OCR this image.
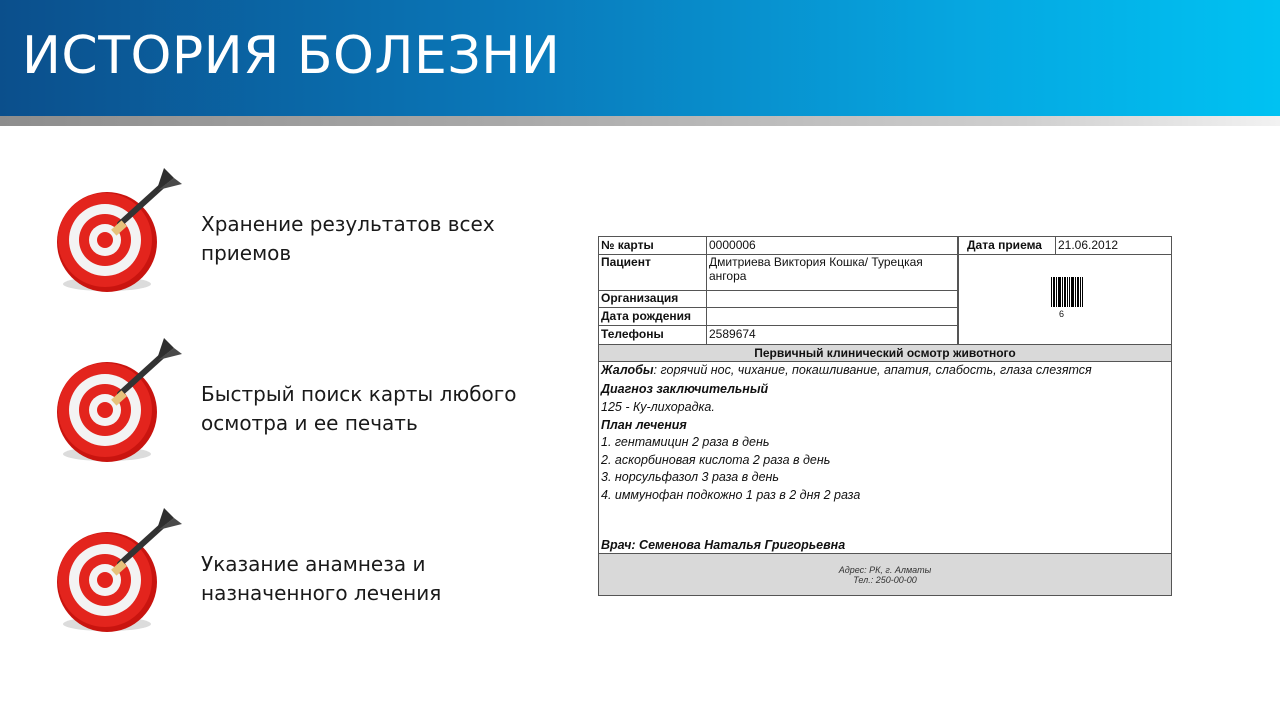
ИСТОРИЯ БОЛЕЗНИ
Хранение результатов всех
приемов
Быстрый поиск карты любого
осмотра и ее печать
Указание анамнеза и
назначенного лечения
№ карты	0000006	Дата приема	21.06.2012
Пациент	Дмитриева Виктория Кошка/ Турецкая ангора
Организация
Дата рождения
Телефоны	2589674
6
Первичный клинический осмотр животного
Жалобы: горячий нос, чихание, покашливание, апатия, слабость, глаза слезятся
Диагноз заключительный
125 - Ку-лихорадка.
План лечения
1. гентамицин 2 раза в день
2. аскорбиновая кислота 2 раза в день
3. норсульфазол 3 раза в день
4. иммунофан подкожно 1 раз в 2 дня 2 раза
Врач: Семенова Наталья Григорьевна
Адрес: РК, г. Алматы
Тел.: 250-00-00
